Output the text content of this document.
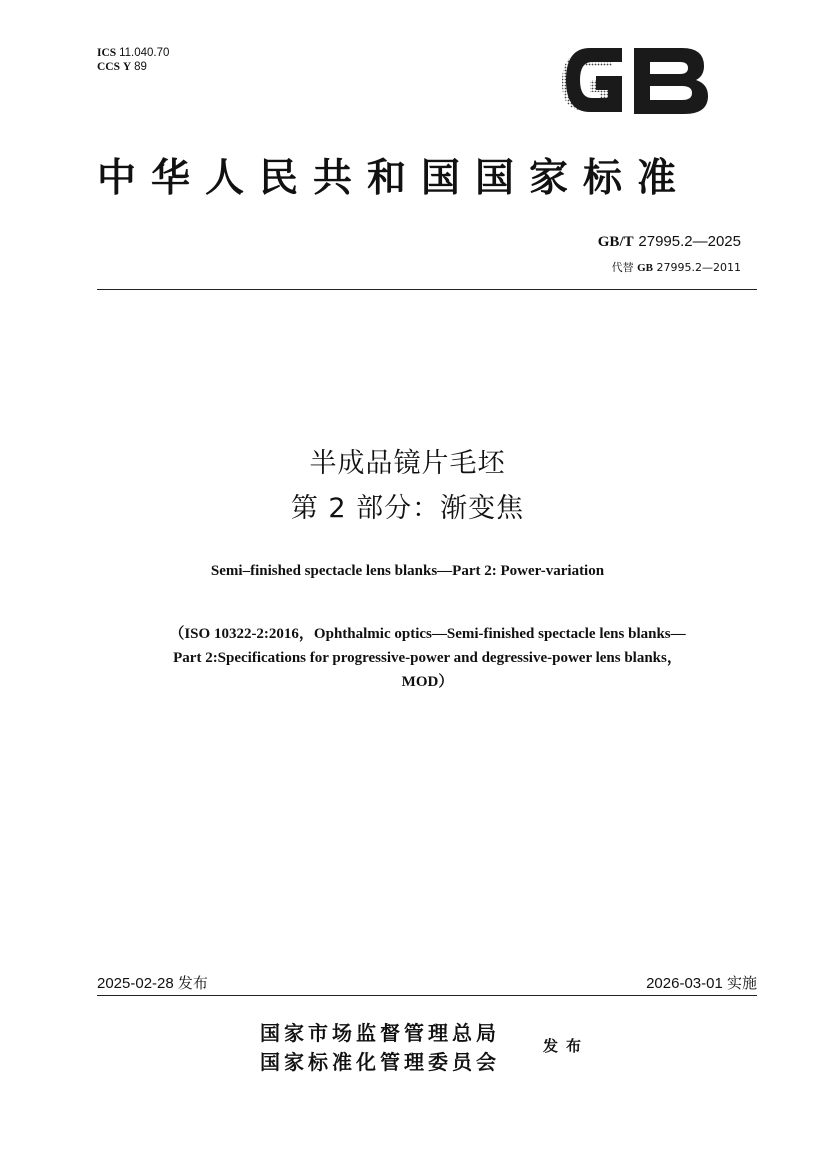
ICS 11.040.70
CCS Y 89
GB
中华人民共和国国家标准
GB/T 27995.2—2025
代替 GB 27995.2—2011
半成品镜片毛坯
第 2 部分：渐变焦
Semi–finished spectacle lens blanks—Part 2: Power-variation
（ISO 10322-2:2016，Ophthalmic optics—Semi-finished spectacle lens blanks—
Part 2:Specifications for progressive-power and degressive-power lens blanks，
MOD）
2025-02-28 发布	2026-03-01 实施
国家市场监督管理总局
国家标准化管理委员会
发布
